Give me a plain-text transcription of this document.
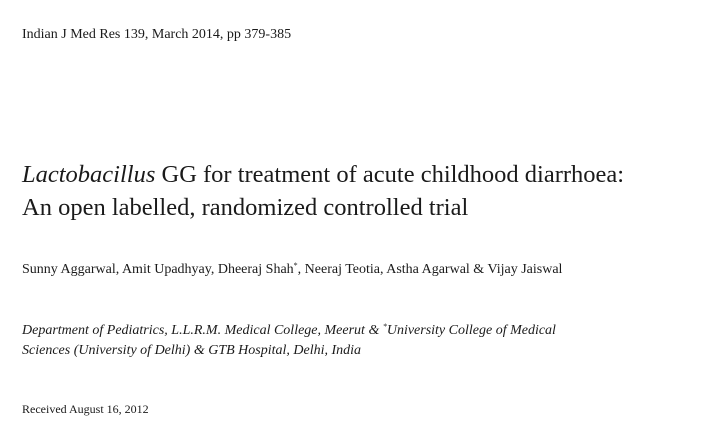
Indian J Med Res 139, March 2014, pp 379-385
Lactobacillus GG for treatment of acute childhood diarrhoea:
An open labelled, randomized controlled trial
Sunny Aggarwal, Amit Upadhyay, Dheeraj Shah*, Neeraj Teotia, Astha Agarwal & Vijay Jaiswal
Department of Pediatrics, L.L.R.M. Medical College, Meerut & *University College of Medical
Sciences (University of Delhi) & GTB Hospital, Delhi, India
Received August 16, 2012
